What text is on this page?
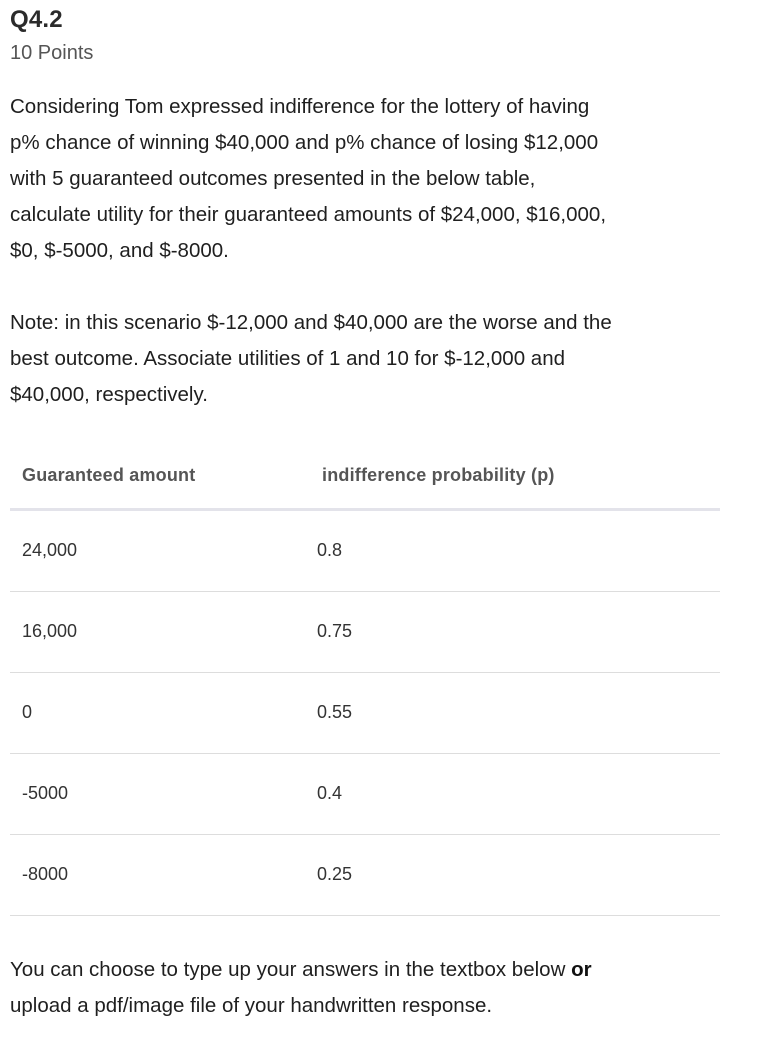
Q4.2
10 Points

Considering Tom expressed indifference for the lottery of having

p% chance of winning $40,000 and p% chance of losing $12,000

with 5 guaranteed outcomes presented in the below table,

calculate utility for their guaranteed amounts of $24,000, $16,000,

$0, $-5000, and $-8000.

Note: in this scenario $-12,000 and $40,000 are the worse and the

best outcome. Associate utilities of 1 and 10 for $-12,000 and

$40,000, respectively.

Guaranteed amount	indifference probability (p)
24,000	0.8
16,000	0.75
0	0.55
-5000	0.4
-8000	0.25

You can choose to type up your answers in the textbox below or

upload a pdf/image file of your handwritten response.
